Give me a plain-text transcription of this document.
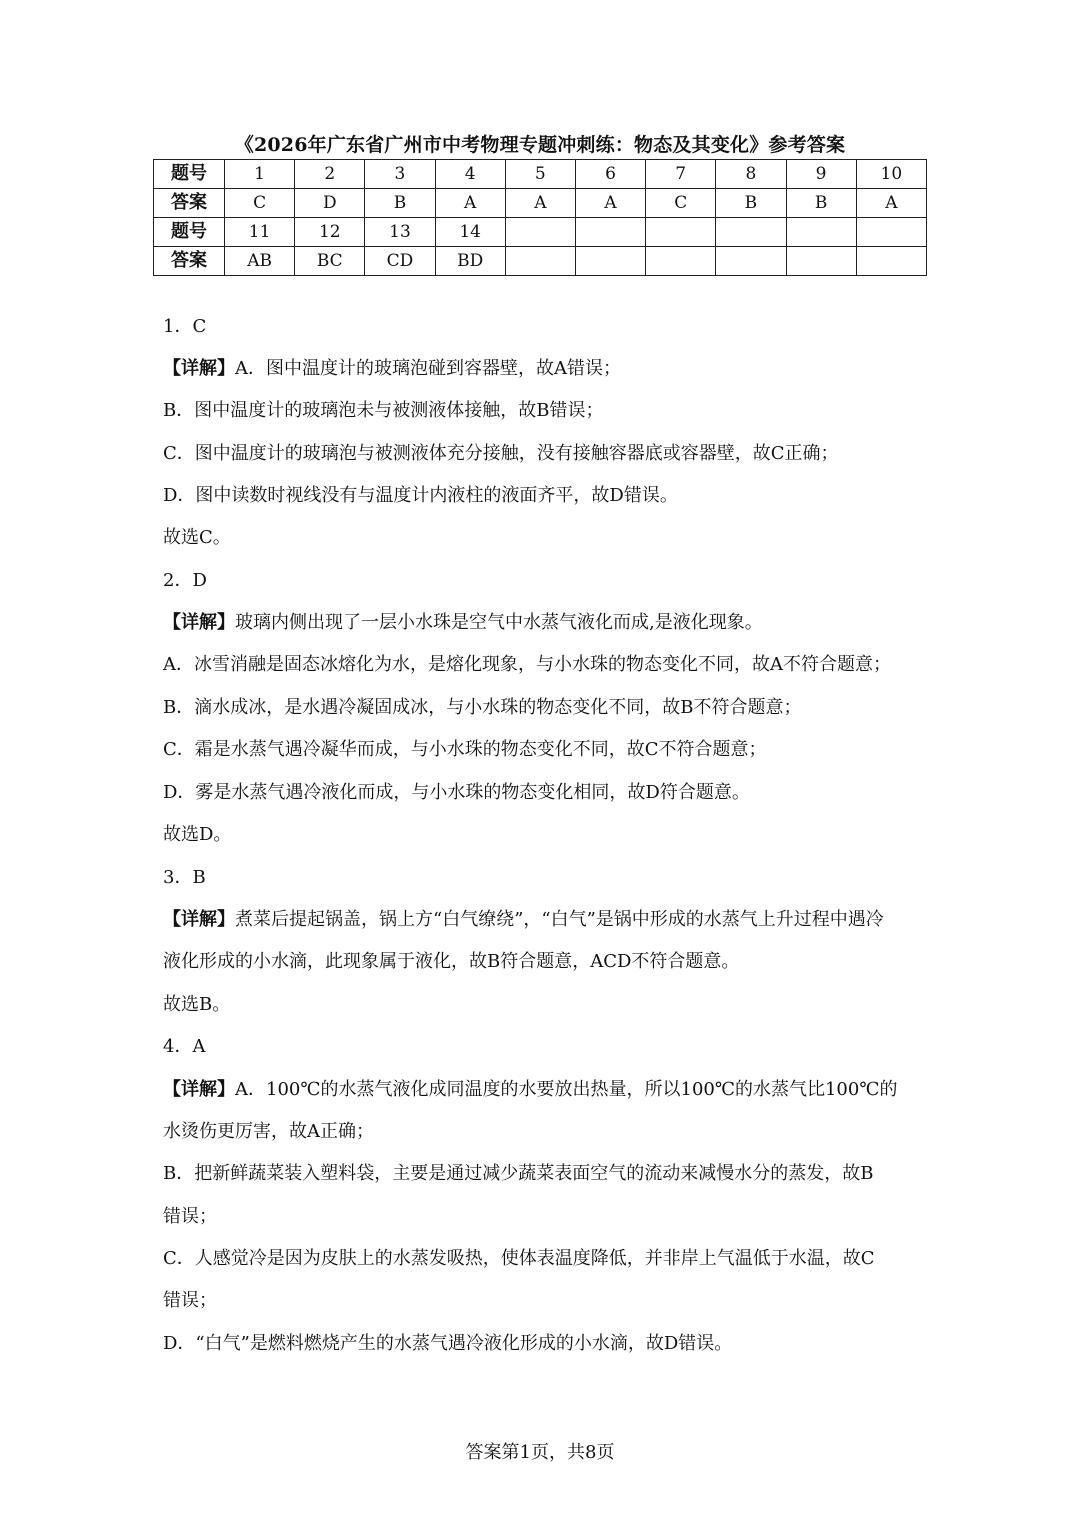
《2026年广东省广州市中考物理专题冲刺练：物态及其变化》参考答案
题号	1	2	3	4	5	6	7	8	9	10
答案	C	D	B	A	A	A	C	B	B	A
题号	11	12	13	14						
答案	AB	BC	CD	BD						
1．C
【详解】A．图中温度计的玻璃泡碰到容器壁，故A错误；
B．图中温度计的玻璃泡未与被测液体接触，故B错误；
C．图中温度计的玻璃泡与被测液体充分接触，没有接触容器底或容器壁，故C正确；
D．图中读数时视线没有与温度计内液柱的液面齐平，故D错误。
故选C。
2．D
【详解】玻璃内侧出现了一层小水珠是空气中水蒸气液化而成,是液化现象。
A．冰雪消融是固态冰熔化为水，是熔化现象，与小水珠的物态变化不同，故A不符合题意；
B．滴水成冰，是水遇冷凝固成冰，与小水珠的物态变化不同，故B不符合题意；
C．霜是水蒸气遇冷凝华而成，与小水珠的物态变化不同，故C不符合题意；
D．雾是水蒸气遇冷液化而成，与小水珠的物态变化相同，故D符合题意。
故选D。
3．B
【详解】煮菜后提起锅盖，锅上方“白气缭绕”，“白气”是锅中形成的水蒸气上升过程中遇冷
液化形成的小水滴，此现象属于液化，故B符合题意，ACD不符合题意。
故选B。
4．A
【详解】A．100℃的水蒸气液化成同温度的水要放出热量，所以100℃的水蒸气比100℃的
水烫伤更厉害，故A正确；
B．把新鲜蔬菜装入塑料袋，主要是通过减少蔬菜表面空气的流动来减慢水分的蒸发，故B
错误；
C．人感觉冷是因为皮肤上的水蒸发吸热，使体表温度降低，并非岸上气温低于水温，故C
错误；
D．“白气”是燃料燃烧产生的水蒸气遇冷液化形成的小水滴，故D错误。
答案第1页，共8页
